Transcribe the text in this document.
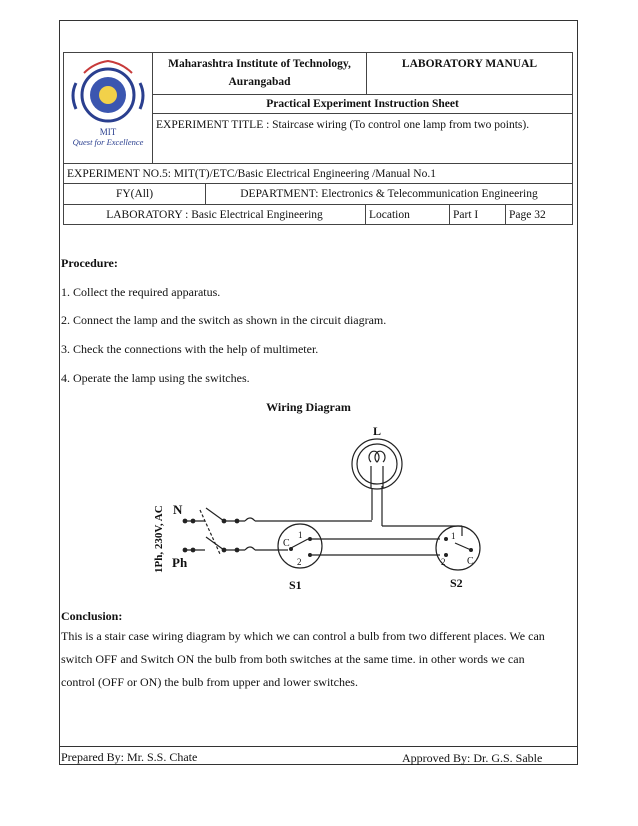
MIT
Quest for Excellence
Maharashtra Institute of Technology,
Aurangabad
LABORATORY MANUAL
Practical Experiment Instruction Sheet
EXPERIMENT TITLE : Staircase wiring (To control one lamp from two points).
EXPERIMENT NO.5: MIT(T)/ETC/Basic Electrical Engineering /Manual No.1
FY(All)	DEPARTMENT: Electronics & Telecommunication Engineering
LABORATORY : Basic Electrical Engineering	Location	Part I	Page 32
Procedure:
1. Collect the required apparatus.
2. Connect the lamp and the switch as shown in the circuit diagram.
3. Check the connections with the help of multimeter.
4. Operate the lamp using the switches.
Wiring Diagram
L
N
Ph
1Ph, 230V, AC
S1	S2
C
1
2	C
1
2
Conclusion:
This is a stair case wiring diagram by which we can control a bulb from two different places. We can
switch OFF and Switch ON the bulb from both switches at the same time. in other words we can
control (OFF or ON) the bulb from upper and lower switches.
Prepared By: Mr. S.S. Chate	Approved By: Dr. G.S. Sable
